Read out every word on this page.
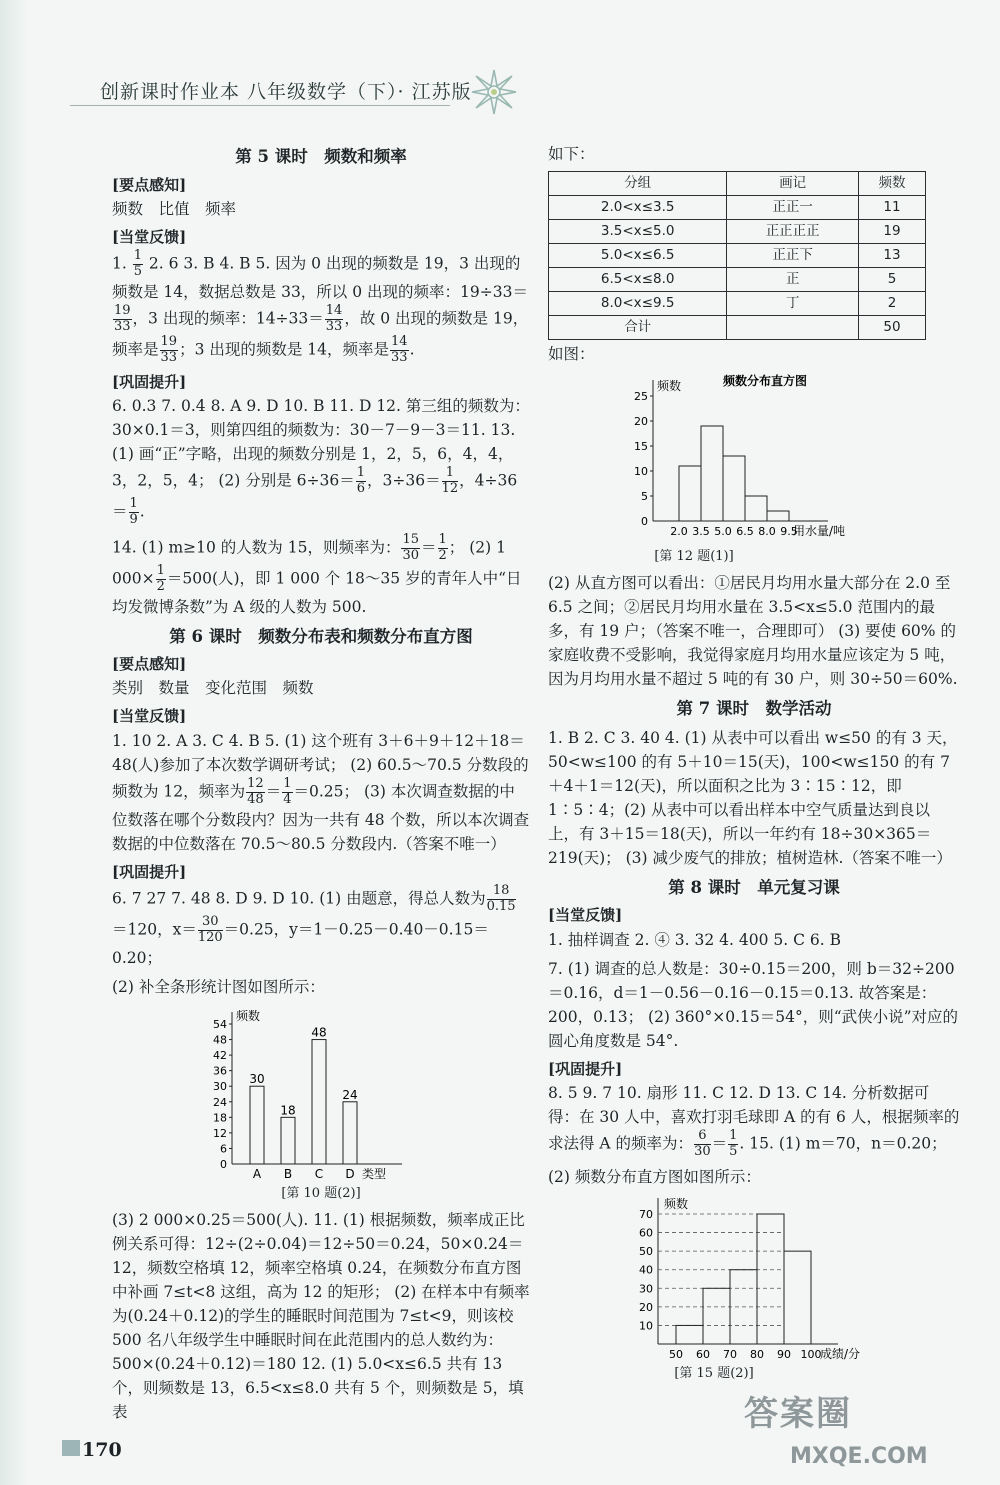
创新课时作业本 八年级数学（下）· 江苏版
第 5 课时　频数和频率
[要点感知]

频数　比值　频率

[当堂反馈]

1. $\frac{1}{5} 2$. 6 3. B 4. B 5. 因为 0 出现的频数是 19，3 出现的频数是 14，数据总数是 33，所以 0 出现的频率：19÷33＝
$\frac{19}{33}$ ，3 出现的频率：$14\div 33= \frac{14}{33}$ ，故 0 出现的频数是 19，频率是 $\frac{19}{33}$ ；3 出现的频数是 14，频率是 $\frac{14}{33}$ .

[巩固提升]

6. 0.3 7. 0.4 8. A 9. D 10. B 11. D 12. 第三组的频数为：30×0.1＝3，则第四组的频数为：30－7－9－3＝11. 13. (1) 画“正”字略，出现的频数分别是 1，2，5，6，4，4，3，2，5，4； (2) 分别是 $6\div 36= \frac{1}{6}$ ，$3\div 36= \frac{1}{12}$ ，$4\div 36= \frac{1}{9}$ .

14. (1) m≥10 的人数为 15，则频率为： $\frac{15}{30} = \frac{1}{2}$ ； (2) 1 $000\times \frac{1}{2} =500$(人)，即 1 000 个 18～35 岁的青年人中“日均发微博条数”为 A 级的人数为 500.

第 6 课时　频数分布表和频数分布直方图
[要点感知]

类别　数量　变化范围　频数

[当堂反馈]

1. 10 2. A 3. C 4. B 5. (1) 这个班有 3＋6＋9＋12＋18＝48(人)参加了本次数学调研考试； (2) 60.5～70.5 分数段的频数为 12，频率为 $\frac{12}{48} = \frac{1}{4} =0.25$； (3) 本次调查数据的中位数落在哪个分数段内？因为一共有 48 个数，所以本次调查数据的中位数落在 70.5～80.5 分数段内.（答案不唯一）

[巩固提升]

6. 7 27 7. 48 8. D 9. D 10. (1) 由题意，得总人数为 $\frac{18}{0.15}$
＝120，$x= \frac{30}{120} =0.25$，y＝1－0.25－0.40－0.15＝0.20；

(2) 补全条形统计图如图所示：

频数
0
6
12
18
24
30
36
42
48
54
30
A
18
B
48
C
24
D 类型
[第 10 题(2)]

(3) 2 000×0.25＝500(人). 11. (1) 根据频数，频率成正比例关系可得：12÷(2÷0.04)＝12÷50＝0.24，50×0.24＝12，频数空格填 12，频率空格填 0.24，在频数分布直方图中补画 7≤t<8 这组，高为 12 的矩形； (2) 在样本中有频率为(0.24＋0.12)的学生的睡眠时间范围为 7≤t<9，则该校 500 名八年级学生中睡眠时间在此范围内的总人数约为：500×(0.24＋0.12)＝180 12. (1) 5.0<x≤6.5 共有 13 个，则频数是 13，6.5<x≤8.0 共有 5 个，则频数是 5，填表

如下：

分组	画记	频数
2.0<x≤3.5	正正一	11
3.5<x≤5.0	正正正正	19
5.0<x≤6.5	正正下	13
6.5<x≤8.0	正	5
8.0<x≤9.5	丁	2
合计		50

如图：

频数分布直方图
频数
0
5
10
15
20
25
2.0 3.5 5.0 6.5 8.0 9.5
用水量/吨
[第 12 题(1)]

(2) 从直方图可以看出：①居民月均用水量大部分在 2.0 至 6.5 之间；②居民月均用水量在 3.5<x≤5.0 范围内的最多，有 19 户；（答案不唯一，合理即可） (3) 要使 60% 的家庭收费不受影响，我觉得家庭月均用水量应该定为 5 吨，因为月均用水量不超过 5 吨的有 30 户，则 30÷50＝60%.

第 7 课时　数学活动

1. B 2. C 3. 40 4. (1) 从表中可以看出 w≤50 的有 3 天，50<w≤100 的有 5＋10＝15(天)，100<w≤150 的有 7＋4＋1＝12(天)，所以面积之比为 3∶15∶12，即 1∶5∶4；(2) 从表中可以看出样本中空气质量达到良以上，有 3＋15＝18(天)，所以一年约有 18÷30×365＝219(天)； (3) 减少废气的排放；植树造林.（答案不唯一）

第 8 课时　单元复习课
[当堂反馈]

1. 抽样调查 2. ④ 3. 32 4. 400 5. C 6. B

7. (1) 调查的总人数是：30÷0.15＝200，则 b＝32÷200＝0.16，d＝1－0.56－0.16－0.15＝0.13. 故答案是：200，0.13； (2) 360°×0.15＝54°，则“武侠小说”对应的圆心角度数是 54°.

[巩固提升]

8. 5 9. 7 10. 扇形 11. C 12. D 13. C 14. 分析数据可得：在 30 人中，喜欢打羽毛球即 A 的有 6 人，根据频率的求法得 A 的频率为： $\frac{6}{30} = \frac{1}{5}$ . 15. (1) m＝70，n＝0.20；

(2) 频数分布直方图如图所示：

频数
10
20
30
40
50
60
70
50 60 70 80 90 100
成绩/分
[第 15 题(2)]
170
答案圈
MXQE.COM
